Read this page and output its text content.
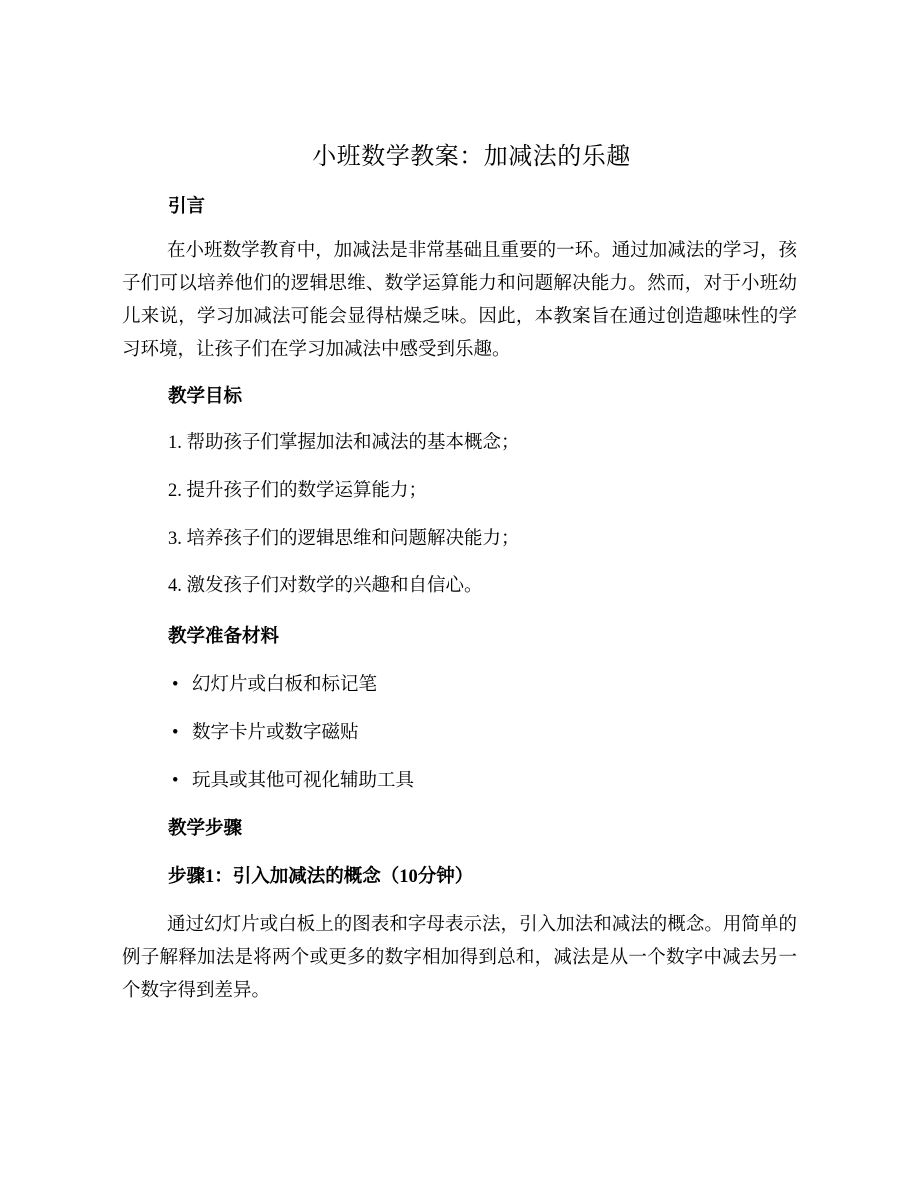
小班数学教案：加减法的乐趣
引言

在小班数学教育中，加减法是非常基础且重要的一环。通过加减法的学习，孩子们可以培养他们的逻辑思维、数学运算能力和问题解决能力。然而，对于小班幼儿来说，学习加减法可能会显得枯燥乏味。因此，本教案旨在通过创造趣味性的学习环境，让孩子们在学习加减法中感受到乐趣。

教学目标
1. 帮助孩子们掌握加法和减法的基本概念；
2. 提升孩子们的数学运算能力；
3. 培养孩子们的逻辑思维和问题解决能力；
4. 激发孩子们对数学的兴趣和自信心。
教学准备材料
• 幻灯片或白板和标记笔
• 数字卡片或数字磁贴
• 玩具或其他可视化辅助工具
教学步骤
步骤1：引入加减法的概念（10分钟）

通过幻灯片或白板上的图表和字母表示法，引入加法和减法的概念。用简单的例子解释加法是将两个或更多的数字相加得到总和，减法是从一个数字中减去另一个数字得到差异。
